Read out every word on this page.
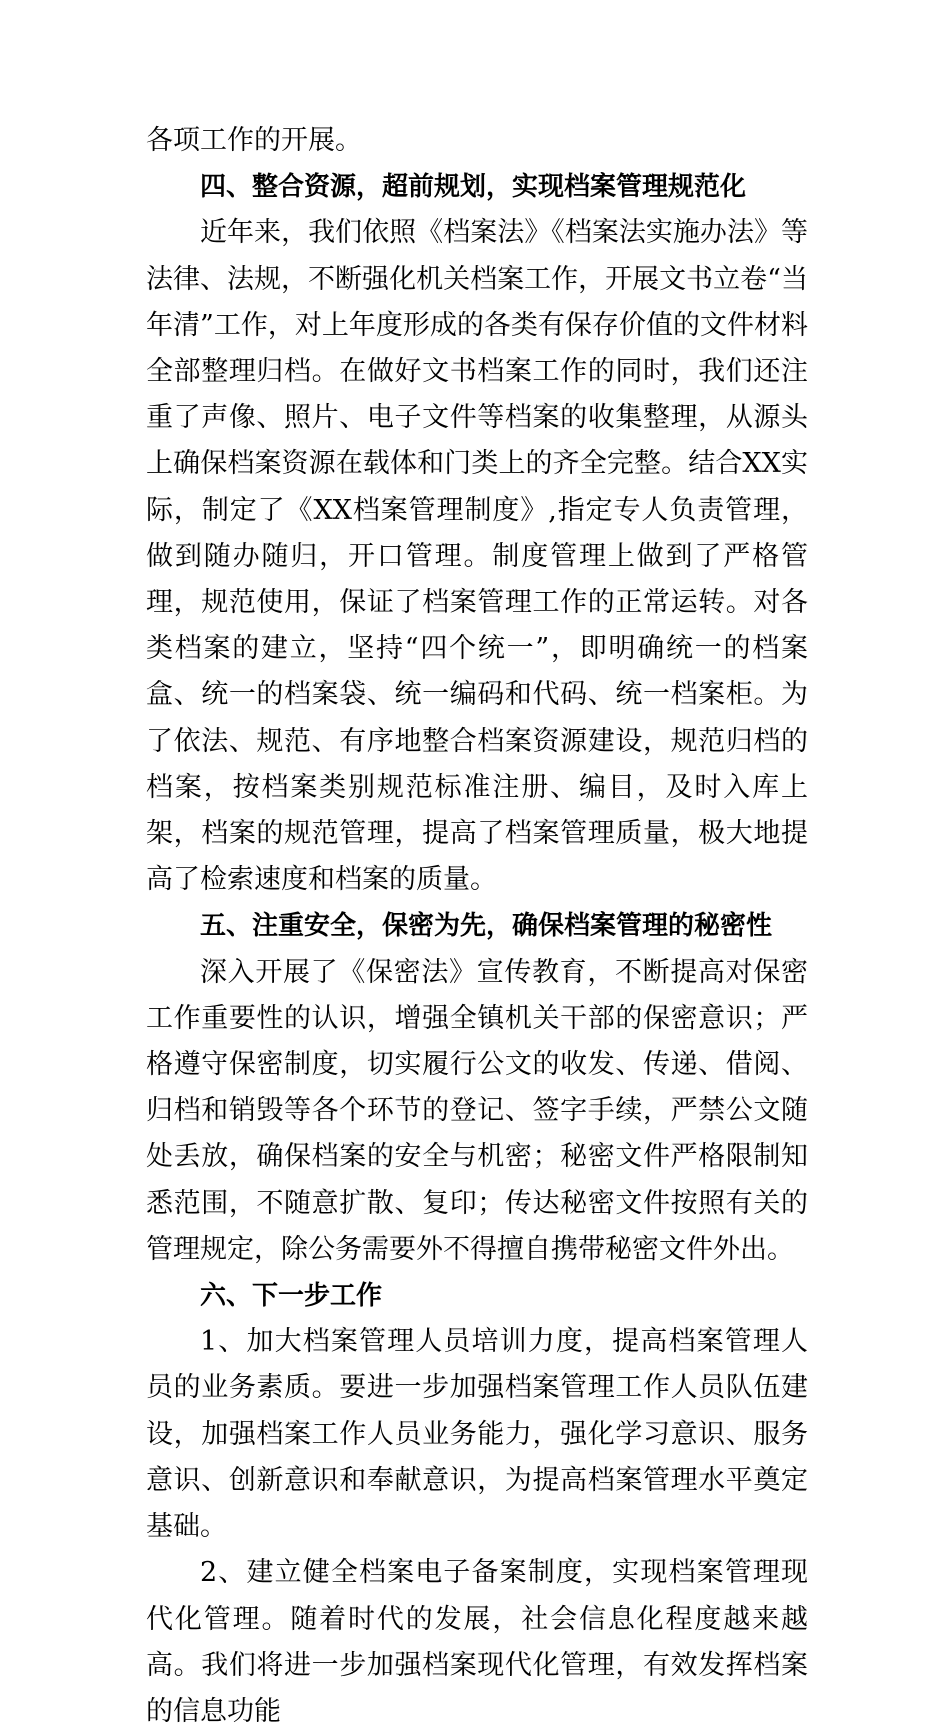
各项工作的开展。

四、整合资源，超前规划，实现档案管理规范化

近年来，我们依照《档案法》《档案法实施办法》等法律、法规，不断强化机关档案工作，开展文书立卷“当年清”工作，对上年度形成的各类有保存价值的文件材料全部整理归档。在做好文书档案工作的同时，我们还注重了声像、照片、电子文件等档案的收集整理，从源头上确保档案资源在载体和门类上的齐全完整。结合XX实际，制定了《XX档案管理制度》,指定专人负责管理，做到随办随归，开口管理。制度管理上做到了严格管理，规范使用，保证了档案管理工作的正常运转。对各类档案的建立，坚持“四个统一”，即明确统一的档案盒、统一的档案袋、统一编码和代码、统一档案柜。为了依法、规范、有序地整合档案资源建设，规范归档的档案，按档案类别规范标准注册、编目，及时入库上架，档案的规范管理，提高了档案管理质量，极大地提高了检索速度和档案的质量。

五、注重安全，保密为先，确保档案管理的秘密性

深入开展了《保密法》宣传教育，不断提高对保密工作重要性的认识，增强全镇机关干部的保密意识；严格遵守保密制度，切实履行公文的收发、传递、借阅、归档和销毁等各个环节的登记、签字手续，严禁公文随处丢放，确保档案的安全与机密；秘密文件严格限制知悉范围，不随意扩散、复印；传达秘密文件按照有关的管理规定，除公务需要外不得擅自携带秘密文件外出。

六、下一步工作

1、加大档案管理人员培训力度，提高档案管理人员的业务素质。要进一步加强档案管理工作人员队伍建设，加强档案工作人员业务能力，强化学习意识、服务意识、创新意识和奉献意识，为提高档案管理水平奠定基础。

2、建立健全档案电子备案制度，实现档案管理现代化管理。随着时代的发展，社会信息化程度越来越高。我们将进一步加强档案现代化管理，有效发挥档案的信息功能
